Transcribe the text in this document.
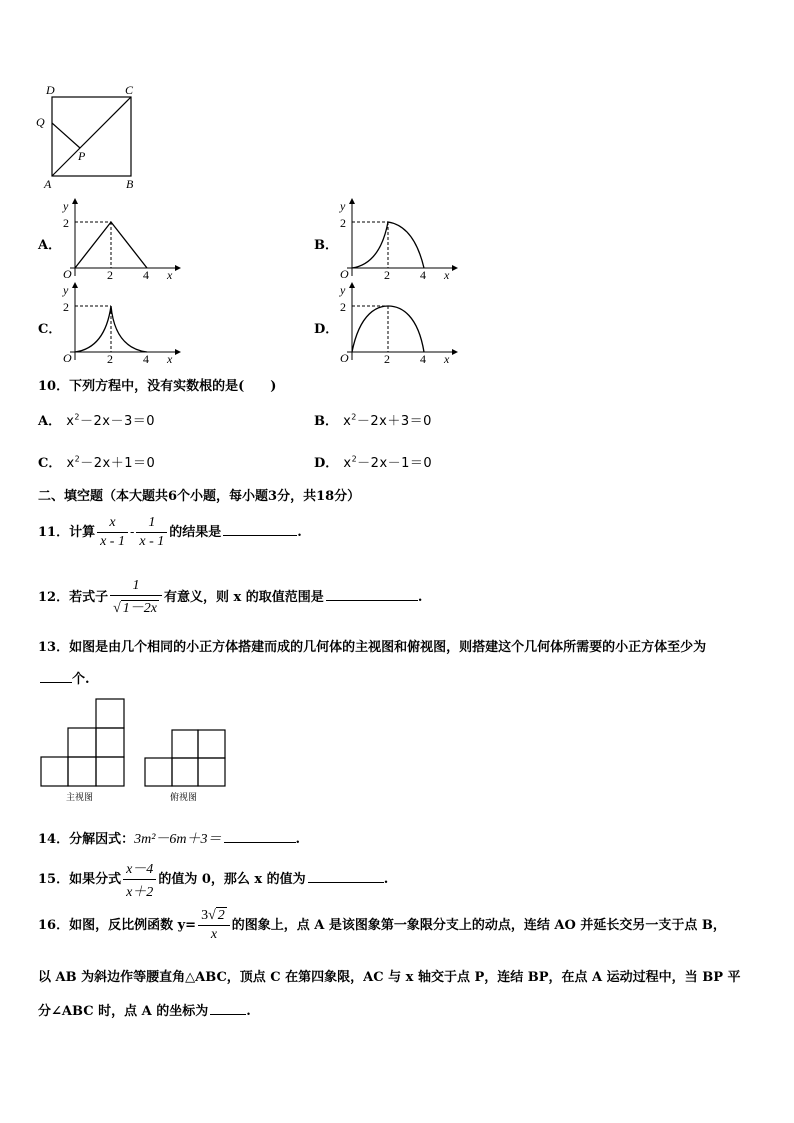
D	C
Q
P
A	B
A．
y
2
O	2	4 x
B．
y
2
O	2	4 x
C．
y
2
O	2	4 x
D．
y
2
O	2	4 x
10．下列方程中，没有实数根的是(　　)
A． $x^2-2x-3=0$	B． $x^2-2x+3=0$
C． $x^2-2x+1=0$	D． $x^2-2x-1=0$
二、填空题（本大题共6个小题，每小题3分，共18分）
11．计算 $\frac{x}{x - 1} - \frac{1}{x - 1}$ 的结果是	.
12．若式子 $\frac{1}{√ 1-2x}$ 有意义，则 x 的取值范围是	.
13．如图是由几个相同的小正方体搭建而成的几何体的主视图和俯视图，则搭建这个几何体所需要的小正方体至少为
个.
主视图	俯视图
14．分解因式：3m²－6m＋3＝	.
15．如果分式 $\frac{x-4}{x+2}$ 的值为 0，那么 x 的值为	.
16．如图，反比例函数 $y= \frac{3√ 2}{x}$ 的图象上，点 A 是该图象第一象限分支上的动点，连结 AO 并延长交另一支于点 B，
以 AB 为斜边作等腰直角△ABC，顶点 C 在第四象限，AC 与 x 轴交于点 P，连结 BP，在点 A 运动过程中，当 BP 平
分∠ABC 时，点 A 的坐标为	.
